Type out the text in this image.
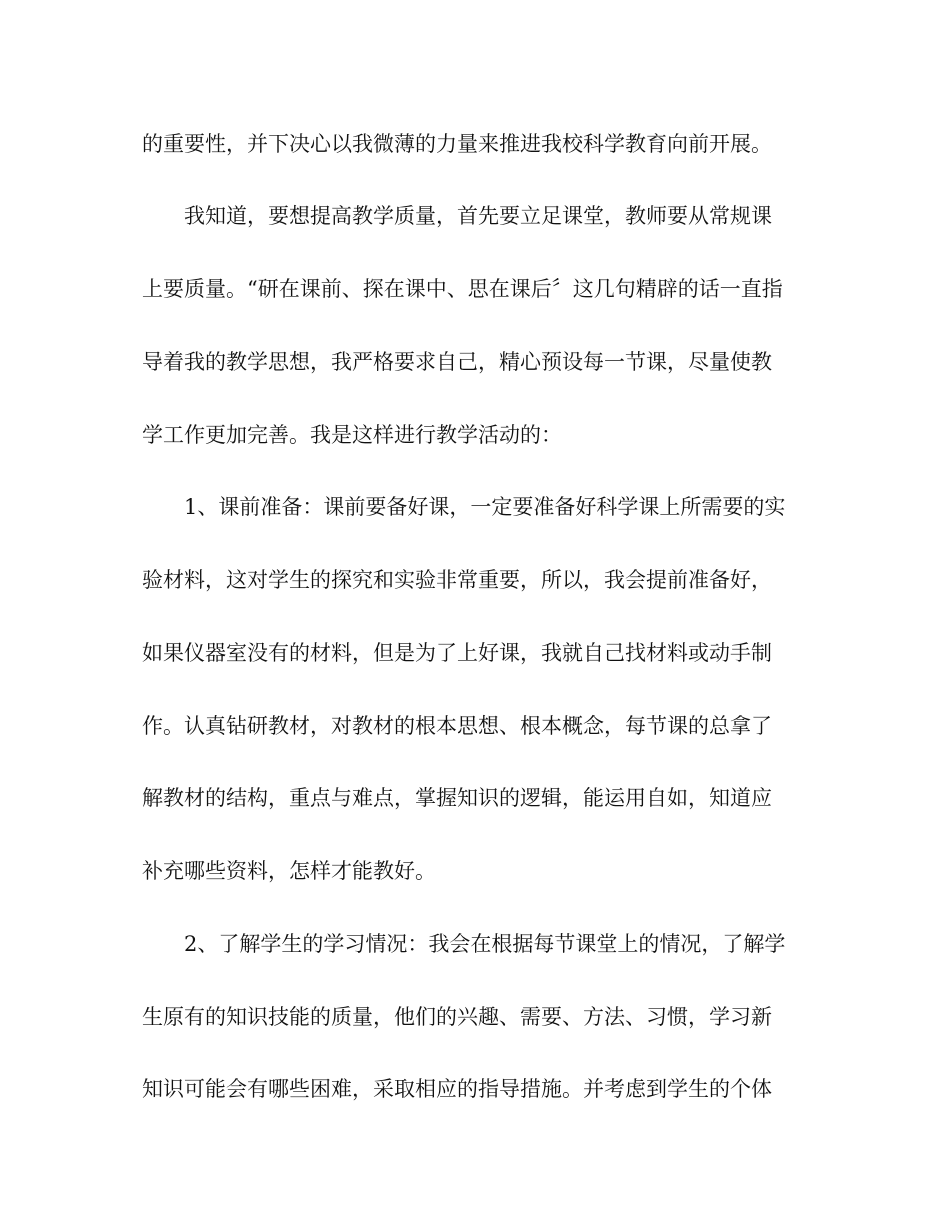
的重要性，并下决心以我微薄的力量来推进我校科学教育向前开展。
我知道，要想提高教学质量，首先要立足课堂，教师要从常规课
上要质量。“研在课前、探在课中、思在课后〞这几句精辟的话一直指
导着我的教学思想，我严格要求自己，精心预设每一节课，尽量使教
学工作更加完善。我是这样进行教学活动的：
1、课前准备：课前要备好课，一定要准备好科学课上所需要的实
验材料，这对学生的探究和实验非常重要，所以，我会提前准备好，
如果仪器室没有的材料，但是为了上好课，我就自己找材料或动手制
作。认真钻研教材，对教材的根本思想、根本概念，每节课的总拿了
解教材的结构，重点与难点，掌握知识的逻辑，能运用自如，知道应
补充哪些资料，怎样才能教好。
2、了解学生的学习情况：我会在根据每节课堂上的情况，了解学
生原有的知识技能的质量，他们的兴趣、需要、方法、习惯，学习新
知识可能会有哪些困难，采取相应的指导措施。并考虑到学生的个体
